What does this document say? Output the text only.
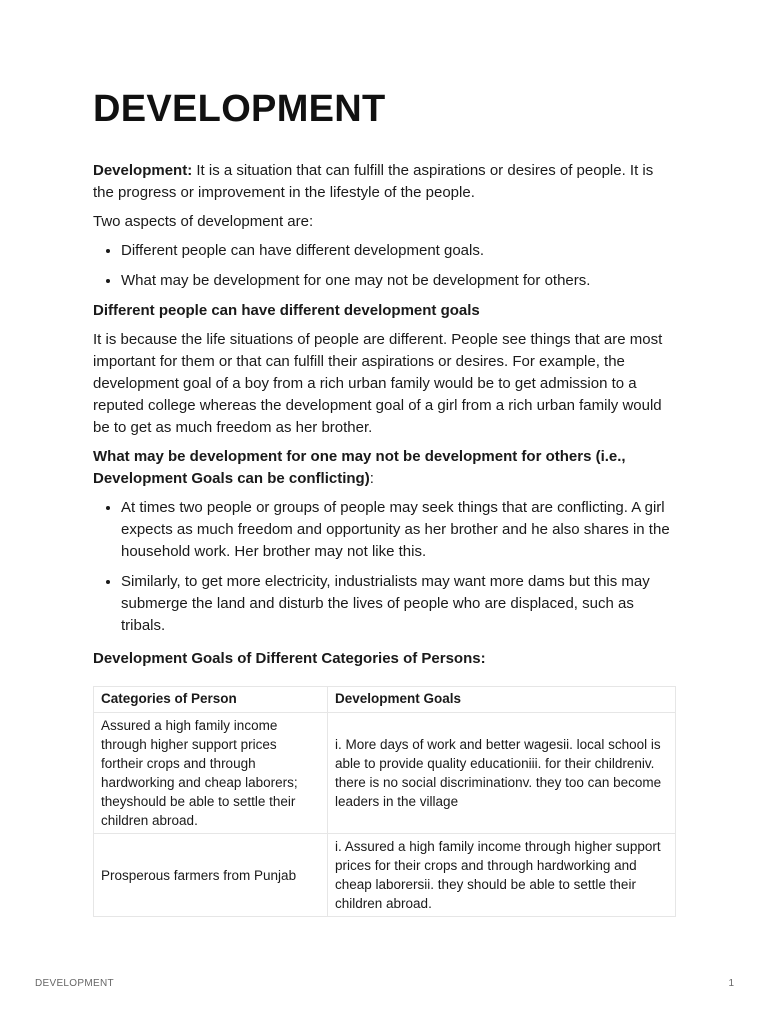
DEVELOPMENT

Development: It is a situation that can fulfill the aspirations or desires of people. It is the progress or improvement in the lifestyle of the people.

Two aspects of development are:

• Different people can have different development goals.
• What may be development for one may not be development for others.

Different people can have different development goals

It is because the life situations of people are different. People see things that are most important for them or that can fulfill their aspirations or desires. For example, the development goal of a boy from a rich urban family would be to get admission to a reputed college whereas the development goal of a girl from a rich urban family would be to get as much freedom as her brother.

What may be development for one may not be development for others (i.e., Development Goals can be conflicting):

• At times two people or groups of people may seek things that are conflicting. A girl expects as much freedom and opportunity as her brother and he also shares in the household work. Her brother may not like this.
• Similarly, to get more electricity, industrialists may want more dams but this may submerge the land and disturb the lives of people who are displaced, such as tribals.

Development Goals of Different Categories of Persons:

Categories of Person	Development Goals
Assured a high family income through higher support prices fortheir crops and through hardworking and cheap laborers; theyshould be able to settle their children abroad.	i. More days of work and better wagesii. local school is able to provide quality educationiii. for their childreniv. there is no social discriminationv. they too can become leaders in the village
Prosperous farmers from Punjab	i. Assured a high family income through higher support prices for their crops and through hardworking and cheap laborersii. they should be able to settle their children abroad.
DEVELOPMENT	1
